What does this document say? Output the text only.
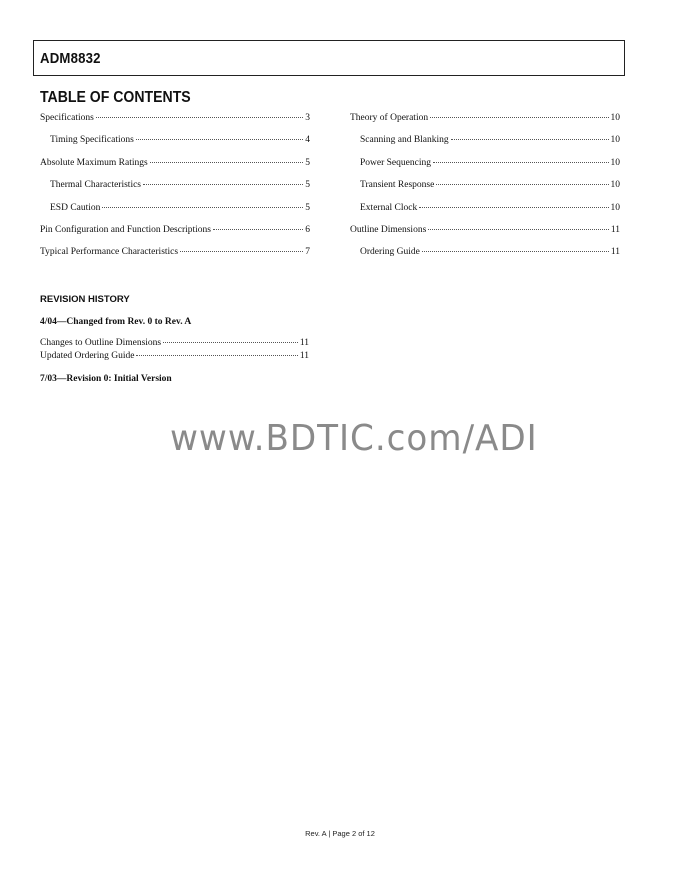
ADM8832
TABLE OF CONTENTS
Specifications	3
Timing Specifications	4
Absolute Maximum Ratings	5
Thermal Characteristics	5
ESD Caution	5
Pin Configuration and Function Descriptions	6
Typical Performance Characteristics	7
Theory of Operation	10
Scanning and Blanking	10
Power Sequencing	10
Transient Response	10
External Clock	10
Outline Dimensions	11
Ordering Guide	11
REVISION HISTORY
4/04—Changed from Rev. 0 to Rev. A
Changes to Outline Dimensions	11
Updated Ordering Guide	11
7/03—Revision 0: Initial Version
www.BDTIC.com/ADI
Rev. A | Page 2 of 12
